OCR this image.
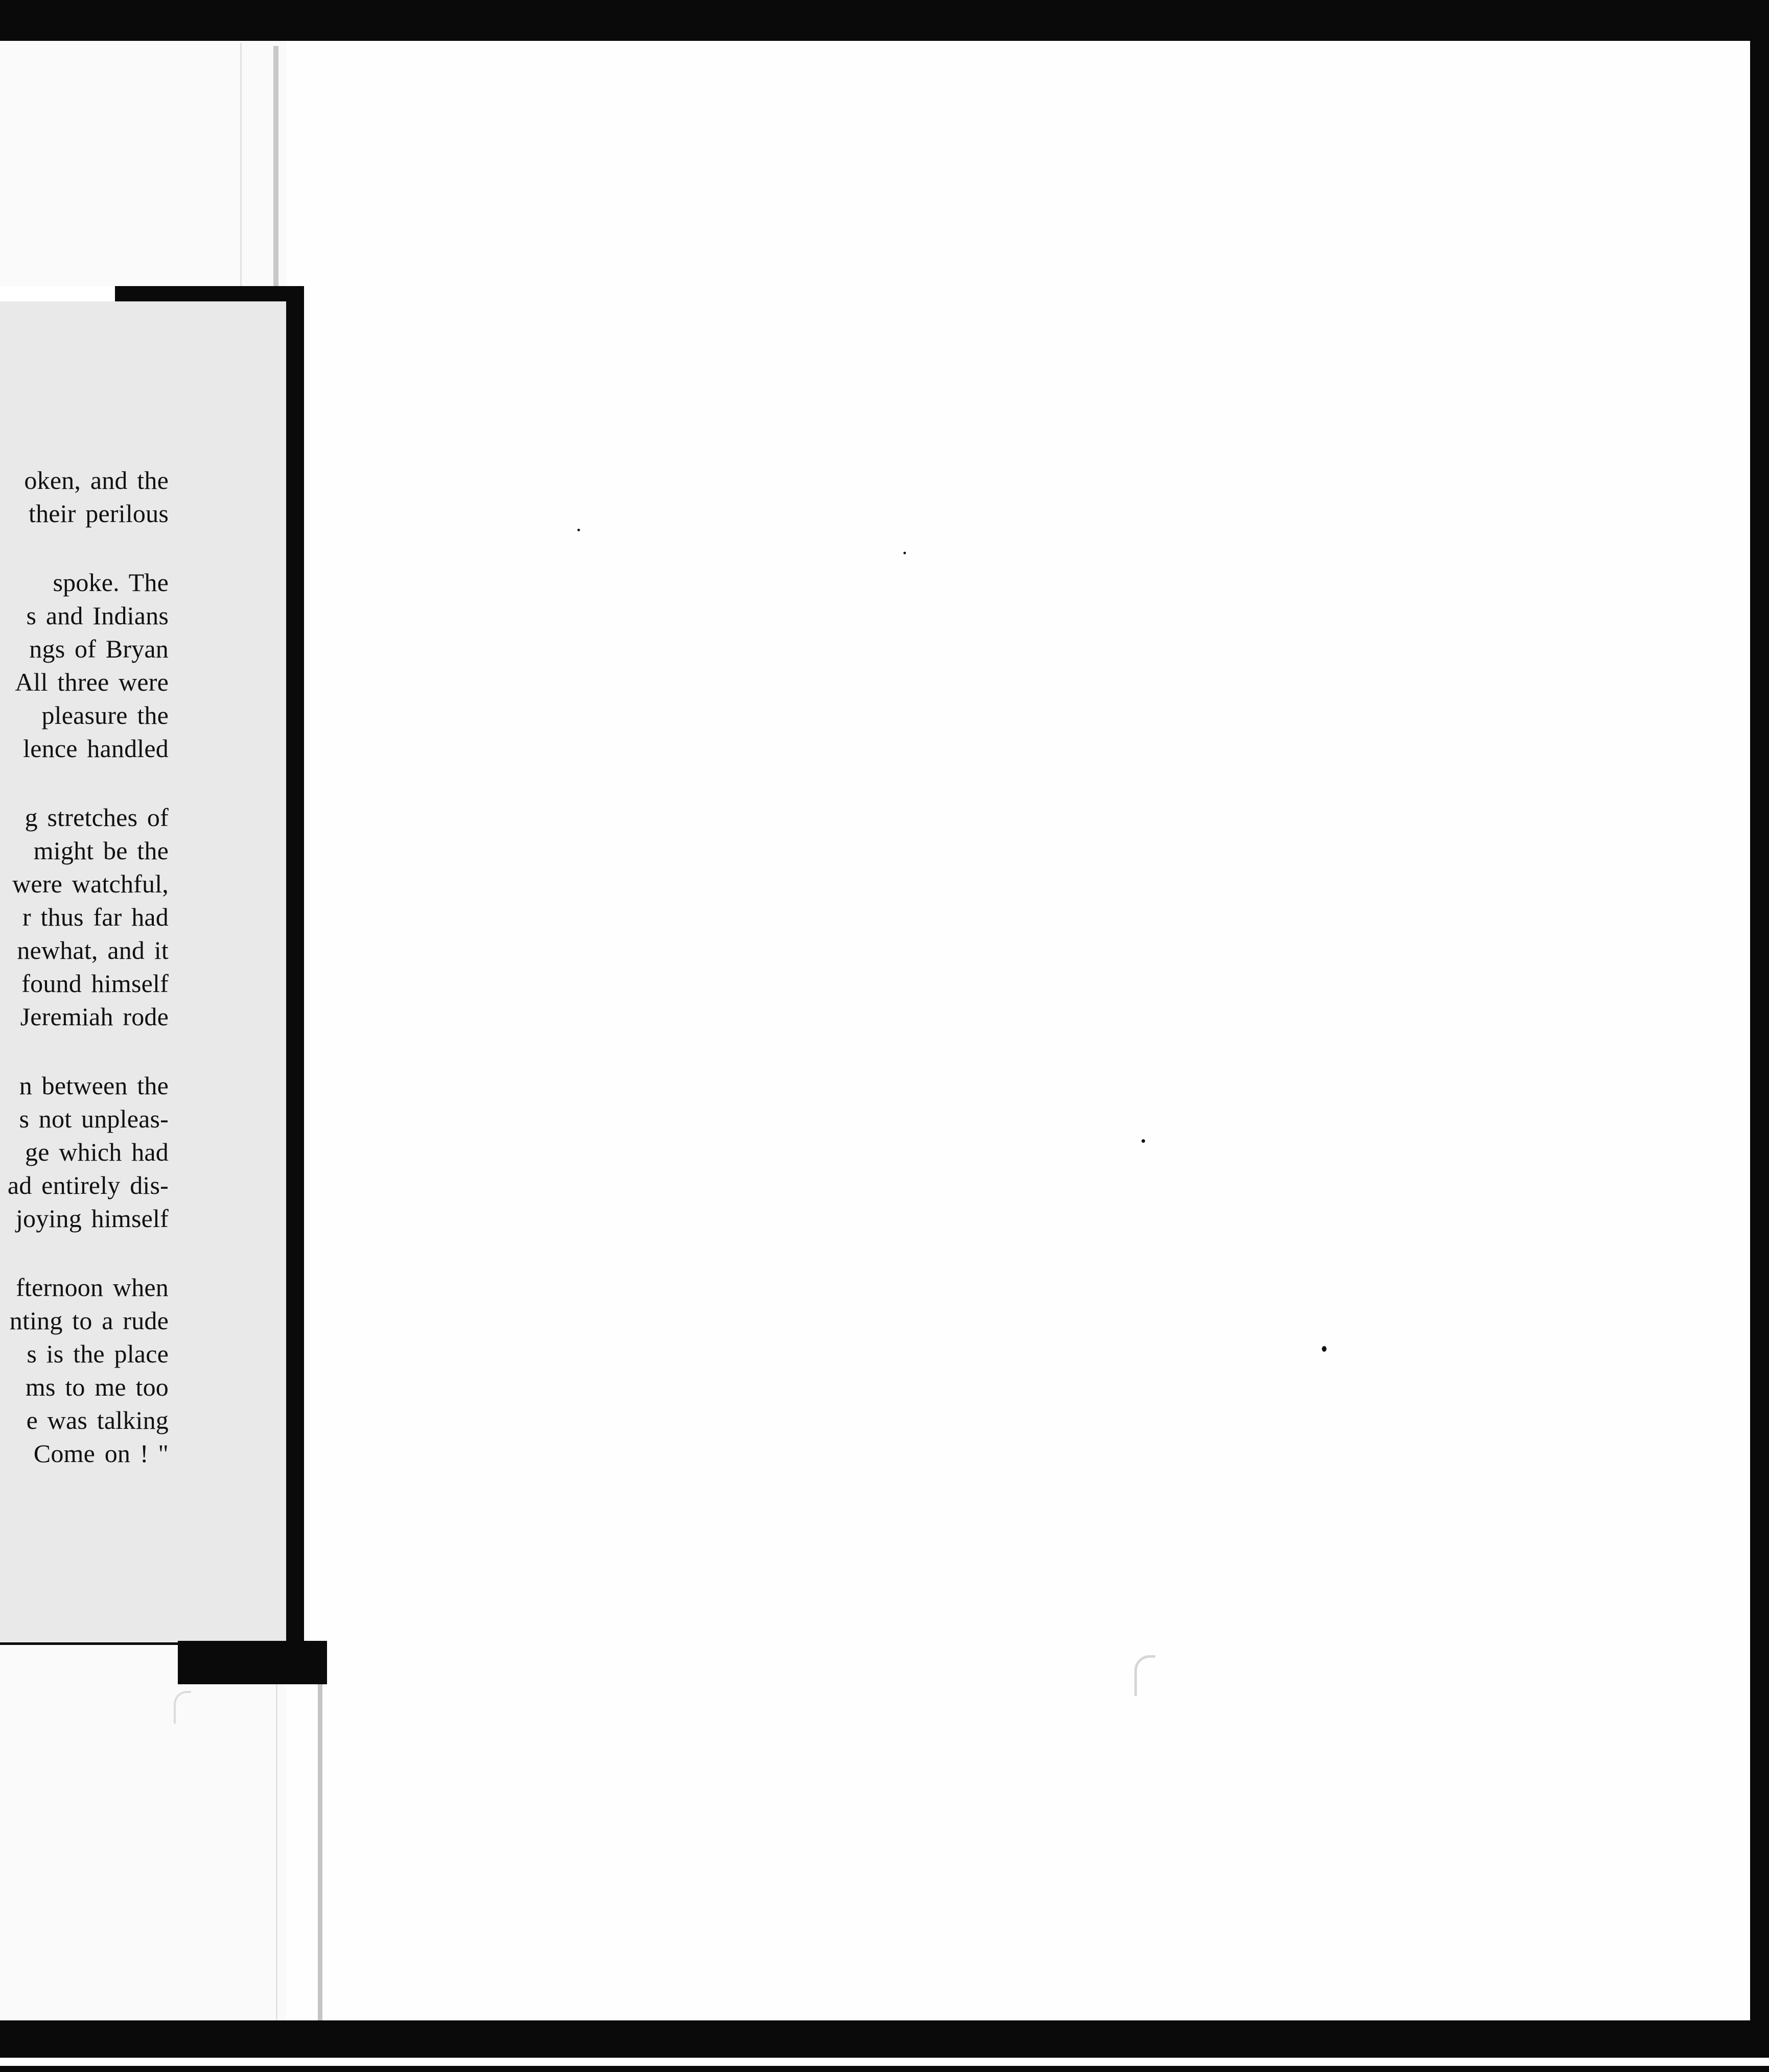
oken, and the
their perilous
spoke. The
s and Indians
ngs of Bryan
All three were
pleasure the
lence handled
g stretches of
might be the
were watchful,
r thus far had
newhat, and it
found himself
Jeremiah rode
n between the
s not unpleas-
ge which had
ad entirely dis-
joying himself
fternoon when
nting to a rude
s is the place
ms to me too
e was talking
Come on ! "
